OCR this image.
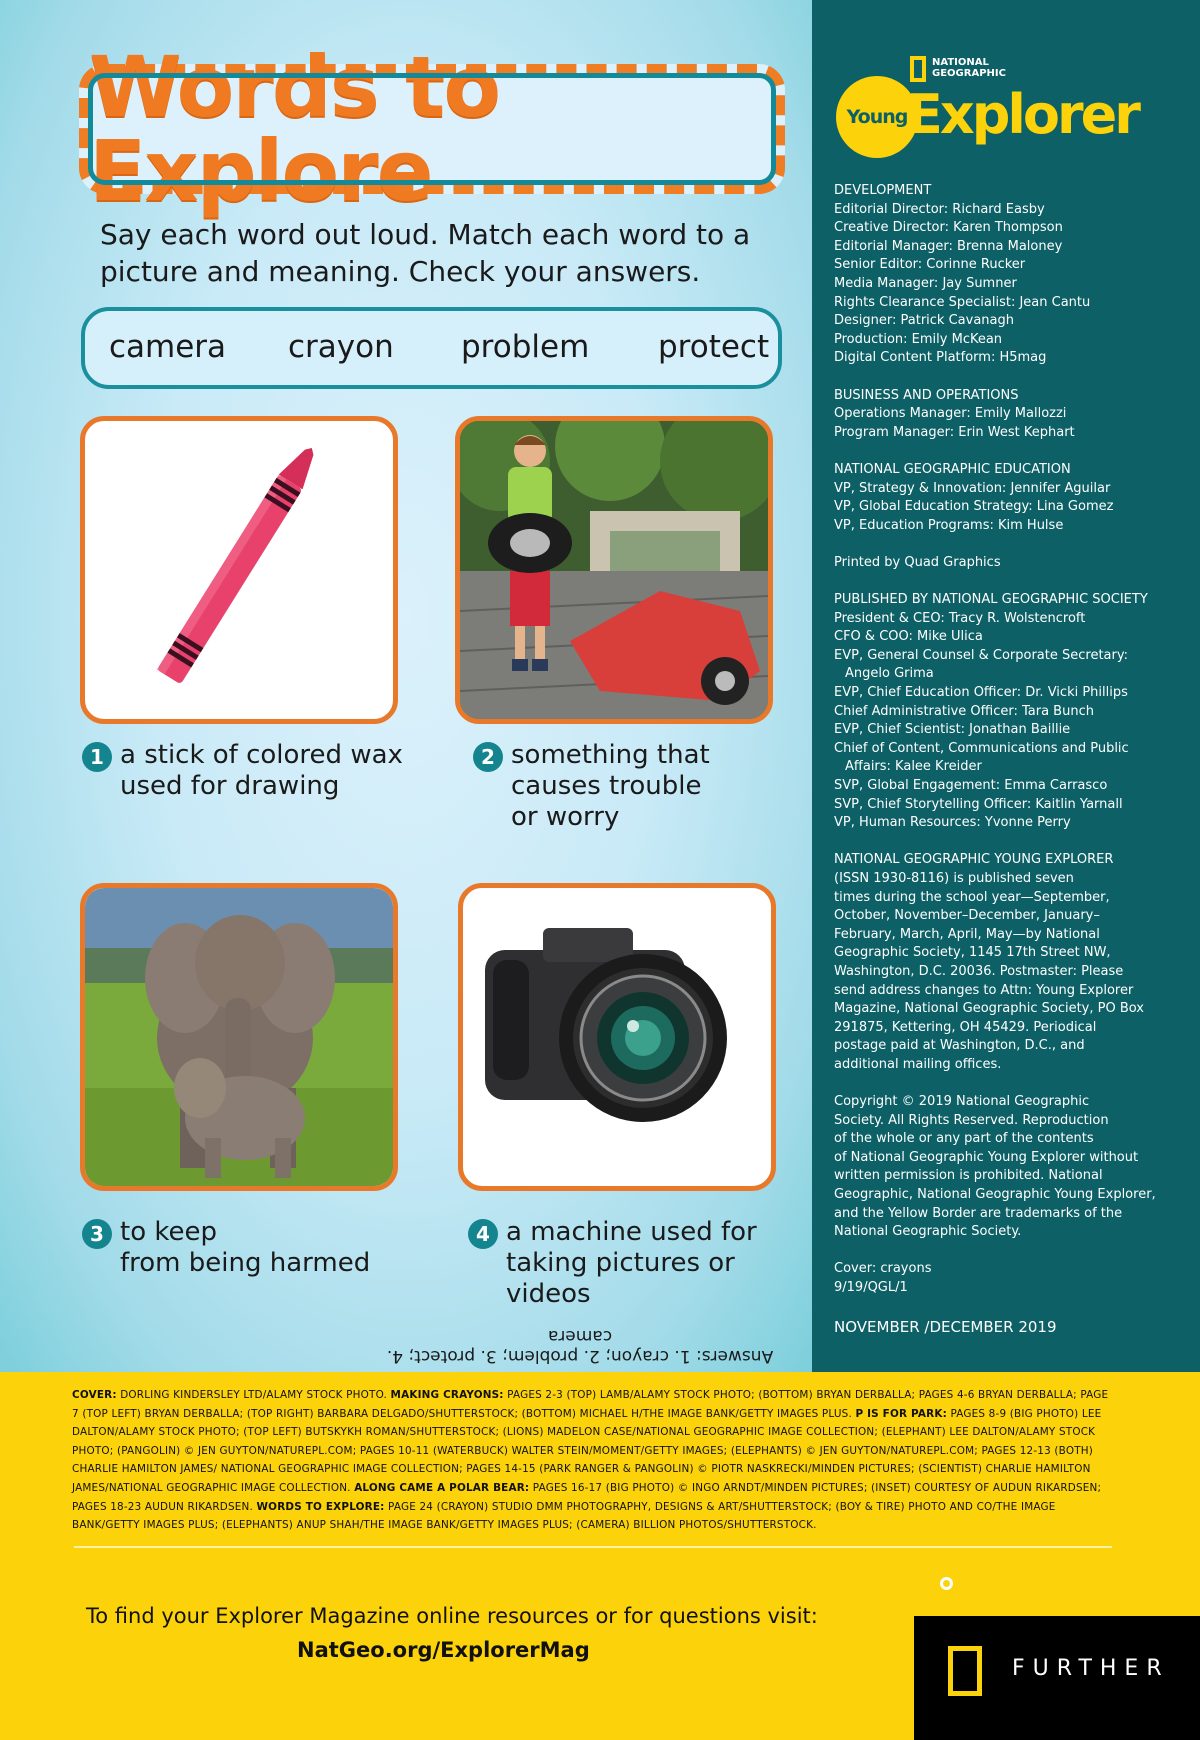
Words to Explore
Say each word out loud. Match each word to a picture and meaning. Check your answers.
camera crayon problem protect
1 a stick of colored wax
used for drawing
2 something that
causes trouble
or worry
3 to keep
from being harmed
4 a machine used for
taking pictures or videos
Answers: 1. crayon; 2. problem; 3. protect; 4. camera
NATIONAL
GEOGRAPHIC
Young
Explorer
DEVELOPMENT
Editorial Director: Richard Easby
Creative Director: Karen Thompson
Editorial Manager: Brenna Maloney
Senior Editor: Corinne Rucker
Media Manager: Jay Sumner
Rights Clearance Specialist: Jean Cantu
Designer: Patrick Cavanagh
Production: Emily McKean
Digital Content Platform: H5mag
BUSINESS AND OPERATIONS
Operations Manager: Emily Mallozzi
Program Manager: Erin West Kephart
NATIONAL GEOGRAPHIC EDUCATION
VP, Strategy & Innovation: Jennifer Aguilar
VP, Global Education Strategy: Lina Gomez
VP, Education Programs: Kim Hulse
Printed by Quad Graphics
PUBLISHED BY NATIONAL GEOGRAPHIC SOCIETY
President & CEO: Tracy R. Wolstencroft
CFO & COO: Mike Ulica
EVP, General Counsel & Corporate Secretary:
Angelo Grima
EVP, Chief Education Officer: Dr. Vicki Phillips
Chief Administrative Officer: Tara Bunch
EVP, Chief Scientist: Jonathan Baillie
Chief of Content, Communications and Public
Affairs: Kalee Kreider
SVP, Global Engagement: Emma Carrasco
SVP, Chief Storytelling Officer: Kaitlin Yarnall
VP, Human Resources: Yvonne Perry
NATIONAL GEOGRAPHIC YOUNG EXPLORER
(ISSN 1930-8116) is published seven
times during the school year—September,
October, November–December, January–
February, March, April, May—by National
Geographic Society, 1145 17th Street NW,
Washington, D.C. 20036. Postmaster: Please
send address changes to Attn: Young Explorer
Magazine, National Geographic Society, PO Box
291875, Kettering, OH 45429. Periodical
postage paid at Washington, D.C., and
additional mailing offices.
Copyright © 2019 National Geographic
Society. All Rights Reserved. Reproduction
of the whole or any part of the contents
of National Geographic Young Explorer without
written permission is prohibited. National
Geographic, National Geographic Young Explorer,
and the Yellow Border are trademarks of the
National Geographic Society.
Cover: crayons
9/19/QGL/1
NOVEMBER /DECEMBER 2019
COVER: DORLING KINDERSLEY LTD/ALAMY STOCK PHOTO. MAKING CRAYONS: PAGES 2-3 (TOP) LAMB/ALAMY STOCK PHOTO; (BOTTOM) BRYAN DERBALLA; PAGES 4-6 BRYAN DERBALLA; PAGE 7 (TOP LEFT) BRYAN DERBALLA; (TOP RIGHT) BARBARA DELGADO/SHUTTERSTOCK; (BOTTOM) MICHAEL H/THE IMAGE BANK/GETTY IMAGES PLUS. P IS FOR PARK: PAGES 8-9 (BIG PHOTO) LEE DALTON/ALAMY STOCK PHOTO; (TOP LEFT) BUTSKYKH ROMAN/SHUTTERSTOCK; (LIONS) MADELON CASE/NATIONAL GEOGRAPHIC IMAGE COLLECTION; (ELEPHANT) LEE DALTON/ALAMY STOCK PHOTO; (PANGOLIN) © JEN GUYTON/NATUREPL.COM; PAGES 10-11 (WATERBUCK) WALTER STEIN/MOMENT/GETTY IMAGES; (ELEPHANTS) © JEN GUYTON/NATUREPL.COM; PAGES 12-13 (BOTH) CHARLIE HAMILTON JAMES/ NATIONAL GEOGRAPHIC IMAGE COLLECTION; PAGES 14-15 (PARK RANGER & PANGOLIN) © PIOTR NASKRECKI/MINDEN PICTURES; (SCIENTIST) CHARLIE HAMILTON JAMES/NATIONAL GEOGRAPHIC IMAGE COLLECTION. ALONG CAME A POLAR BEAR: PAGES 16-17 (BIG PHOTO) © INGO ARNDT/MINDEN PICTURES; (INSET) COURTESY OF AUDUN RIKARDSEN; PAGES 18-23 AUDUN RIKARDSEN. WORDS TO EXPLORE: PAGE 24 (CRAYON) STUDIO DMM PHOTOGRAPHY, DESIGNS & ART/SHUTTERSTOCK; (BOY & TIRE) PHOTO AND CO/THE IMAGE BANK/GETTY IMAGES PLUS; (ELEPHANTS) ANUP SHAH/THE IMAGE BANK/GETTY IMAGES PLUS; (CAMERA) BILLION PHOTOS/SHUTTERSTOCK.
To find your Explorer Magazine online resources or for questions visit:
NatGeo.org/ExplorerMag
FURTHER
